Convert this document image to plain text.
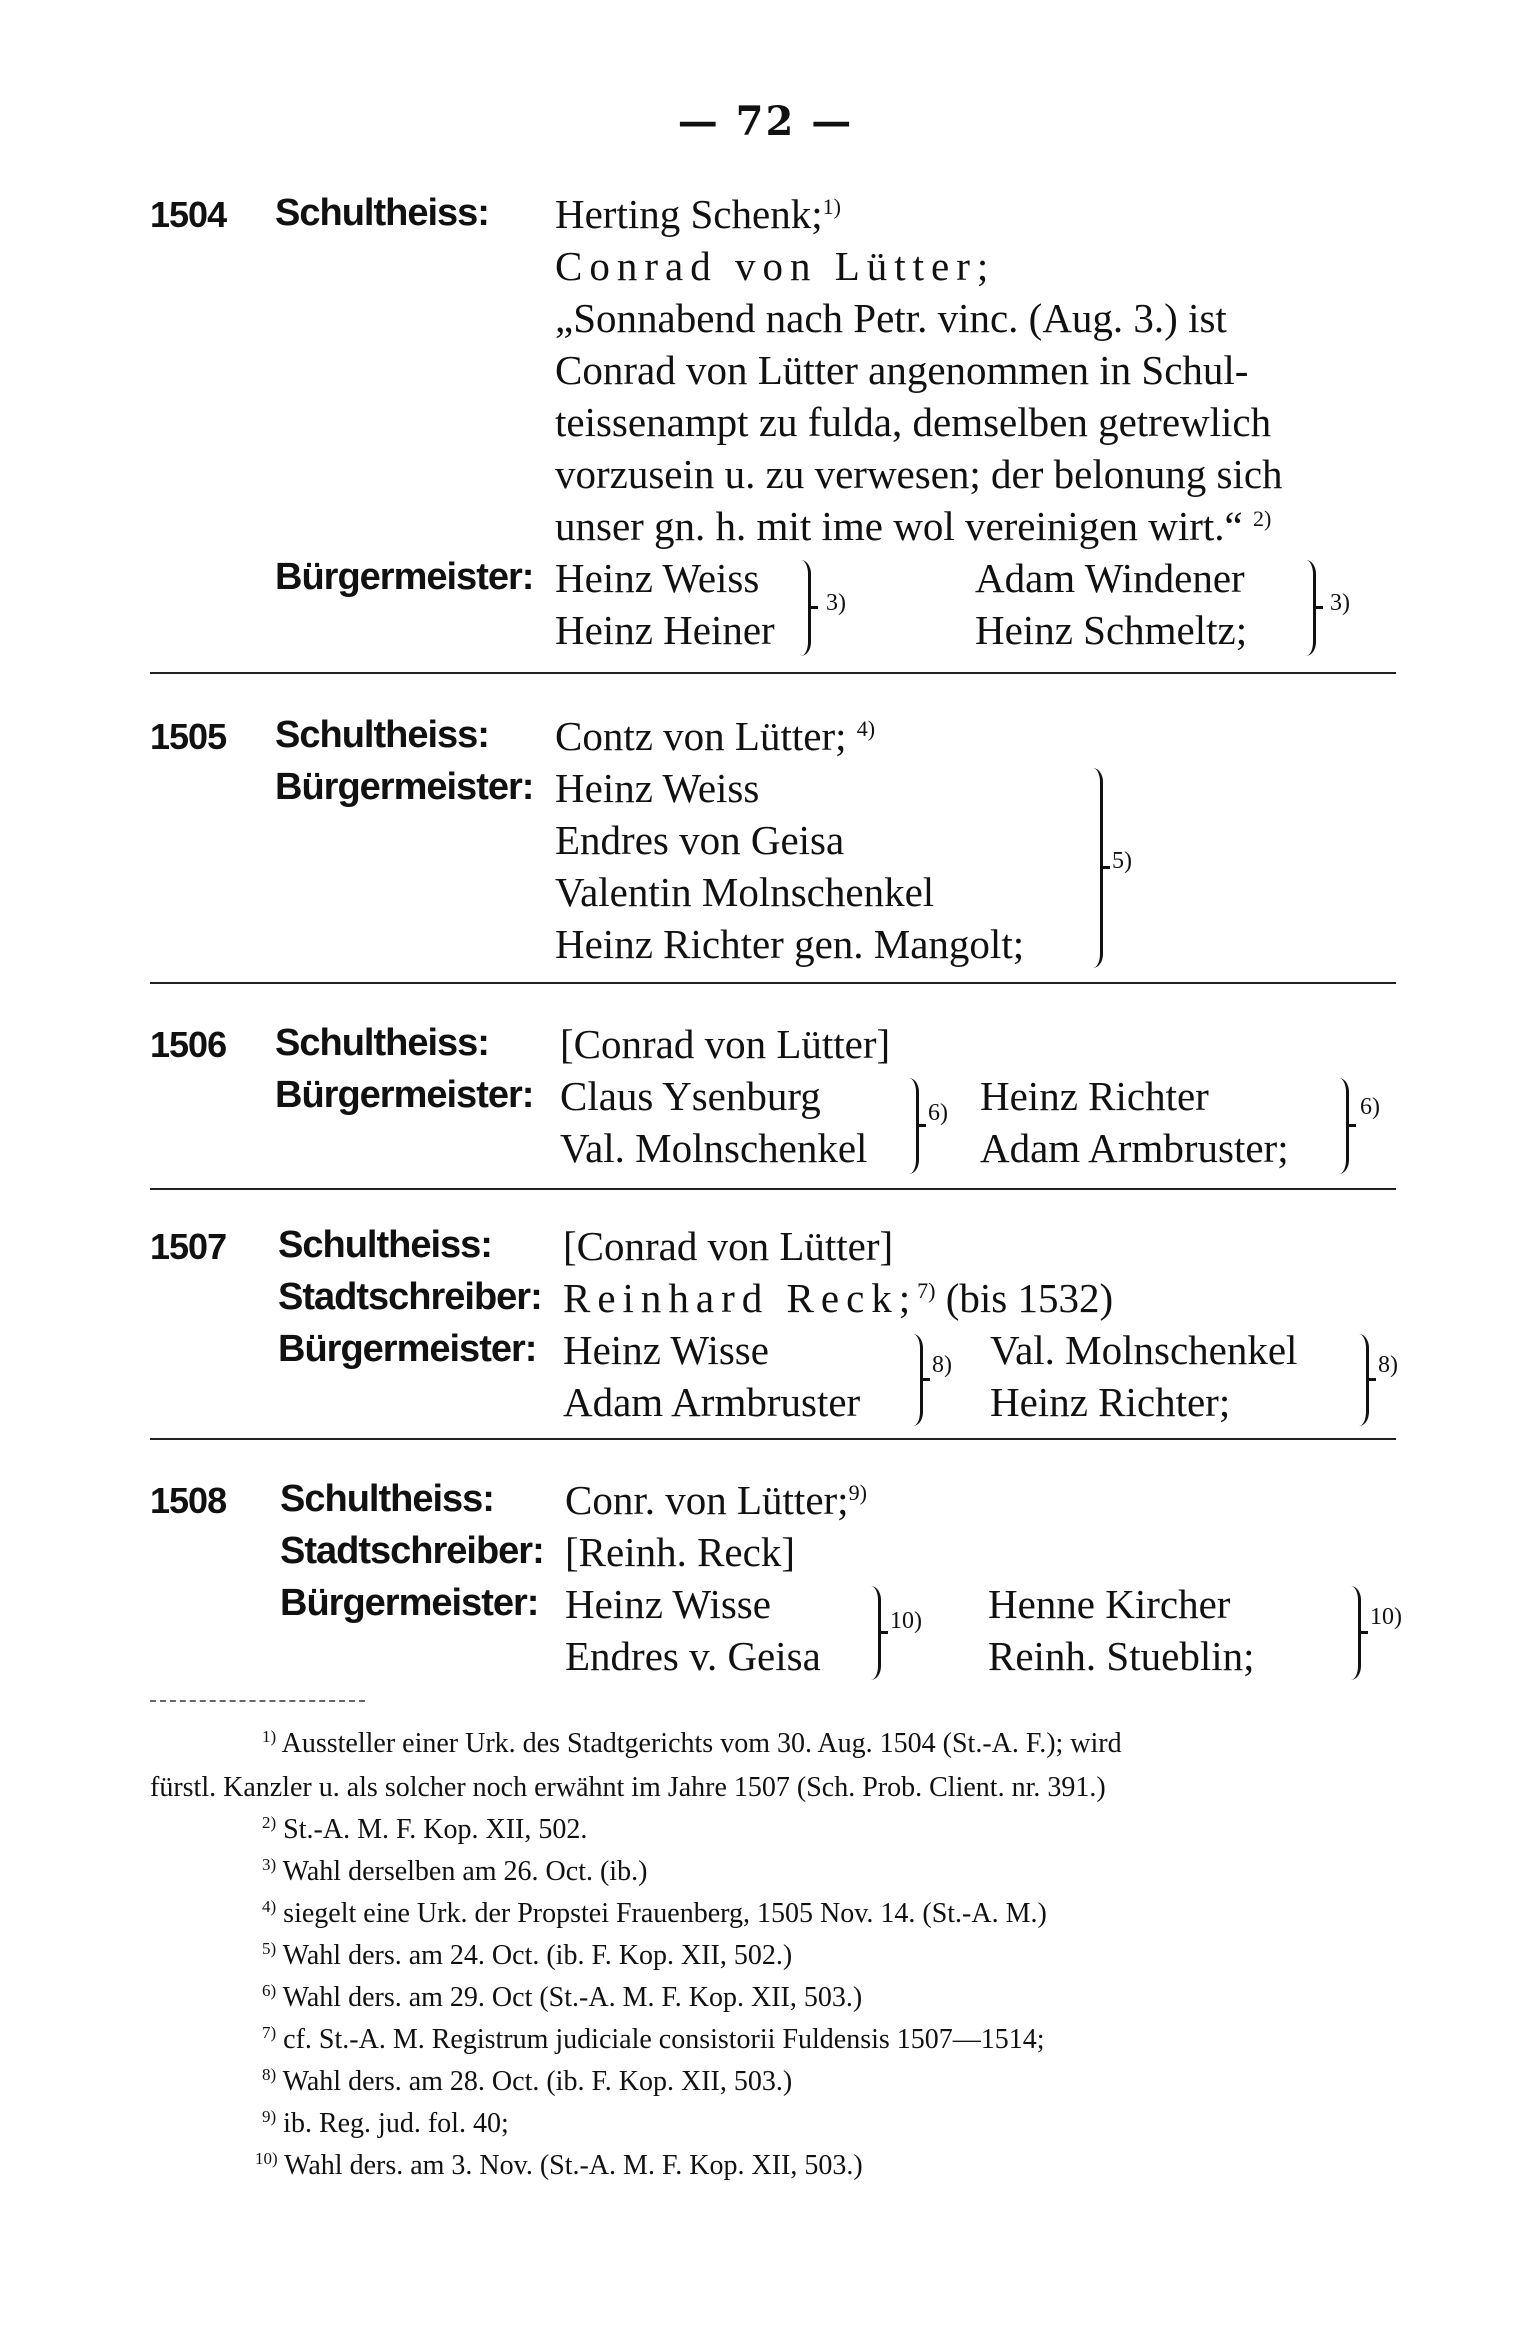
— 72 —
1504 Schultheiss: Herting Schenk;$^{1)}$
Conrad von Lütter;
„Sonnabend nach Petr. vinc. (Aug. 3.) ist
Conrad von Lütter angenommen in Schul-
teissenampt zu fulda, demselben getrewlich
vorzusein u. zu verwesen; der belonung sich
unser gn. h. mit ime wol vereinigen wirt.“ $^{2)}$
Bürgermeister: Heinz Weiss
Heinz Heiner
3)
Adam Windener
Heinz Schmeltz;
3)
1505 Schultheiss: Contz von Lütter; $^{4)}$
Bürgermeister: Heinz Weiss
Endres von Geisa
Valentin Molnschenkel
Heinz Richter gen. Mangolt;
5)
1506 Schultheiss: [Conrad von Lütter]
Bürgermeister: Claus Ysenburg
Val. Molnschenkel
6) Heinz Richter
Adam Armbruster;
6)
1507 Schultheiss: [Conrad von Lütter]
Stadtschreiber: Reinhard Reck;$^{7)}$ (bis 1532)
Bürgermeister: Heinz Wisse
Adam Armbruster
8) Val. Molnschenkel
Heinz Richter;
8)
1508 Schultheiss: Conr. von Lütter;$^{9)}$
Stadtschreiber: [Reinh. Reck]
Bürgermeister: Heinz Wisse
Endres v. Geisa
10) Henne Kircher
Reinh. Stueblin;
10)
$^{1)}$ Aussteller einer Urk. des Stadtgerichts vom 30. Aug. 1504 (St.-A. F.); wird
fürstl. Kanzler u. als solcher noch erwähnt im Jahre 1507 (Sch. Prob. Client. nr. 391.)
$^{2)}$ St.-A. M. F. Kop. XII, 502.
$^{3)}$ Wahl derselben am 26. Oct. (ib.)
$^{4)}$ siegelt eine Urk. der Propstei Frauenberg, 1505 Nov. 14. (St.-A. M.)
$^{5)}$ Wahl ders. am 24. Oct. (ib. F. Kop. XII, 502.)
$^{6)}$ Wahl ders. am 29. Oct (St.-A. M. F. Kop. XII, 503.)
$^{7)}$ cf. St.-A. M. Registrum judiciale consistorii Fuldensis 1507—1514;
$^{8)}$ Wahl ders. am 28. Oct. (ib. F. Kop. XII, 503.)
$^{9)}$ ib. Reg. jud. fol. 40;
$^{10)}$ Wahl ders. am 3. Nov. (St.-A. M. F. Kop. XII, 503.)
